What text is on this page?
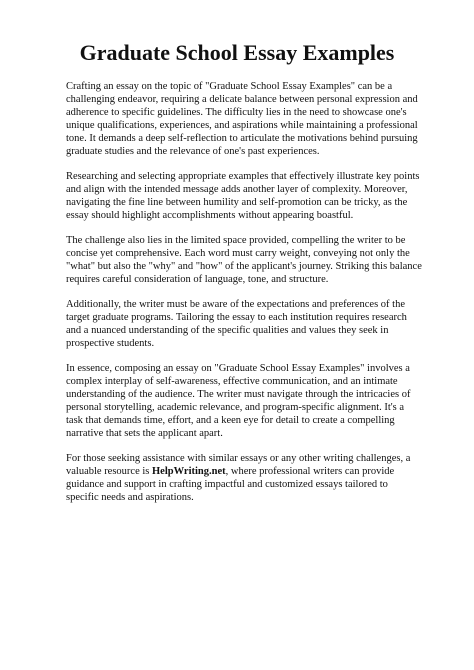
Graduate School Essay Examples

Crafting an essay on the topic of "Graduate School Essay Examples" can be a challenging endeavor, requiring a delicate balance between personal expression and adherence to specific guidelines. The difficulty lies in the need to showcase one's unique qualifications, experiences, and aspirations while maintaining a professional tone. It demands a deep self-reflection to articulate the motivations behind pursuing graduate studies and the relevance of one's past experiences.

Researching and selecting appropriate examples that effectively illustrate key points and align with the intended message adds another layer of complexity. Moreover, navigating the fine line between humility and self-promotion can be tricky, as the essay should highlight accomplishments without appearing boastful.

The challenge also lies in the limited space provided, compelling the writer to be concise yet comprehensive. Each word must carry weight, conveying not only the "what" but also the "why" and "how" of the applicant's journey. Striking this balance requires careful consideration of language, tone, and structure.

Additionally, the writer must be aware of the expectations and preferences of the target graduate programs. Tailoring the essay to each institution requires research and a nuanced understanding of the specific qualities and values they seek in prospective students.

In essence, composing an essay on "Graduate School Essay Examples" involves a complex interplay of self-awareness, effective communication, and an intimate understanding of the audience. The writer must navigate through the intricacies of personal storytelling, academic relevance, and program-specific alignment. It's a task that demands time, effort, and a keen eye for detail to create a compelling narrative that sets the applicant apart.

For those seeking assistance with similar essays or any other writing challenges, a valuable resource is HelpWriting.net, where professional writers can provide guidance and support in crafting impactful and customized essays tailored to specific needs and aspirations.
